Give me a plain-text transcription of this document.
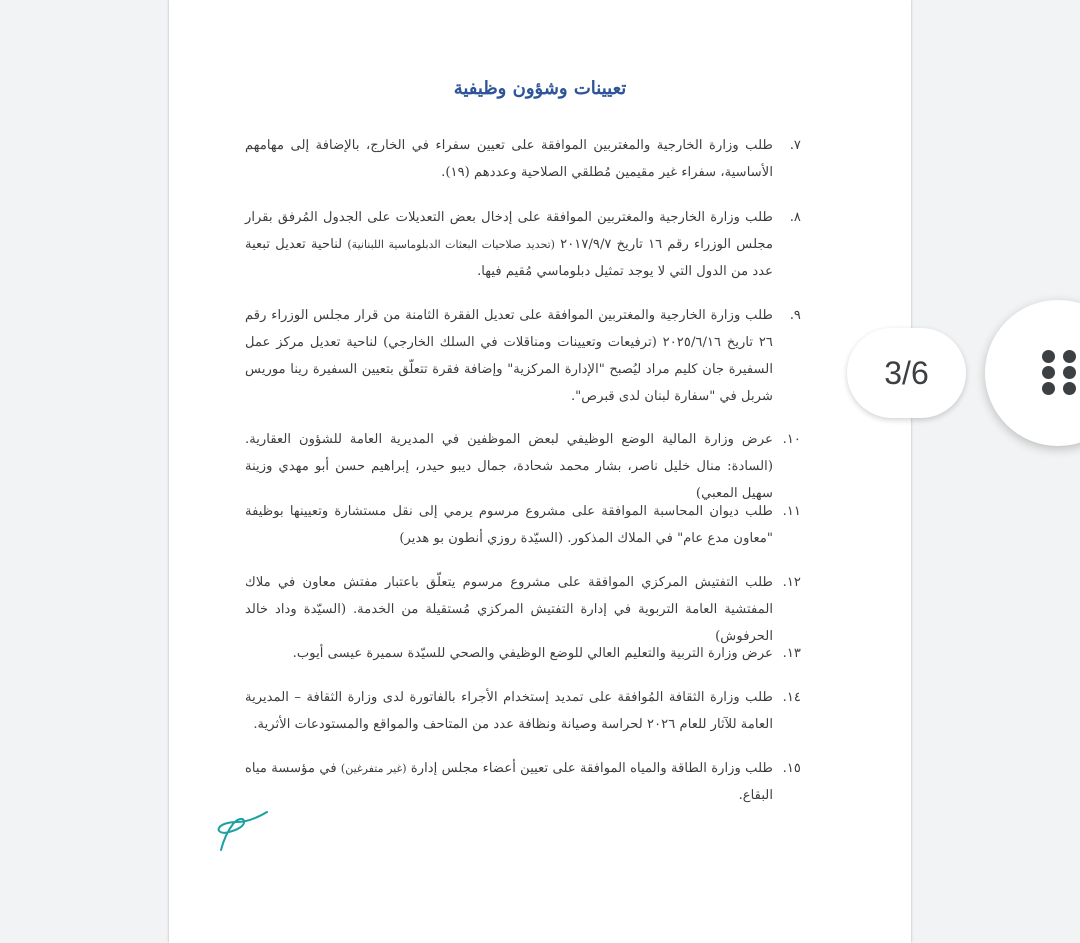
تعيينات وشؤون وظيفية
٧.
طلب وزارة الخارجية والمغتربين الموافقة على تعيين سفراء في الخارج، بالإضافة إلى مهامهم الأساسية، سفراء غير مقيمين مُطلقي الصلاحية وعددهم (١٩).
٨.
طلب وزارة الخارجية والمغتربين الموافقة على إدخال بعض التعديلات على الجدول المُرفق بقرار مجلس الوزراء رقم ١٦ تاريخ ٢٠١٧/٩/٧ (تحديد صلاحيات البعثات الدبلوماسية اللبنانية) لناحية تعديل تبعية عدد من الدول التي لا يوجد تمثيل دبلوماسي مُقيم فيها.
٩.
طلب وزارة الخارجية والمغتربين الموافقة على تعديل الفقرة الثامنة من قرار مجلس الوزراء رقم ٢٦ تاريخ ٢٠٢٥/٦/١٦ (ترفيعات وتعيينات ومناقلات في السلك الخارجي) لناحية تعديل مركز عمل السفيرة جان كليم مراد ليُصبح "الإدارة المركزية" وإضافة فقرة تتعلّق بتعيين السفيرة رينا موريس شربل في "سفارة لبنان لدى قبرص".
١٠.
عرض وزارة المالية الوضع الوظيفي لبعض الموظفين في المديرية العامة للشؤون العقارية. (السادة: منال خليل ناصر، بشار محمد شحادة، جمال ديبو حيدر، إبراهيم حسن أبو مهدي وزينة سهيل المعبي)
١١.
طلب ديوان المحاسبة الموافقة على مشروع مرسوم يرمي إلى نقل مستشارة وتعيينها بوظيفة "معاون مدع عام" في الملاك المذكور. (السيّدة روزي أنطون بو هدير)
١٢.
طلب التفتيش المركزي الموافقة على مشروع مرسوم يتعلّق باعتبار مفتش معاون في ملاك المفتشية العامة التربوية في إدارة التفتيش المركزي مُستقيلة من الخدمة. (السيّدة وداد خالد الحرفوش)
١٣.
عرض وزارة التربية والتعليم العالي للوضع الوظيفي والصحي للسيّدة سميرة عيسى أيوب.
١٤.
طلب وزارة الثقافة المُوافقة على تمديد إستخدام الأجراء بالفاتورة لدى وزارة الثقافة – المديرية العامة للآثار للعام ٢٠٢٦ لحراسة وصيانة ونظافة عدد من المتاحف والمواقع والمستودعات الأثرية.
١٥.
طلب وزارة الطاقة والمياه الموافقة على تعيين أعضاء مجلس إدارة (غير متفرغين) في مؤسسة مياه البقاع.
3/6
